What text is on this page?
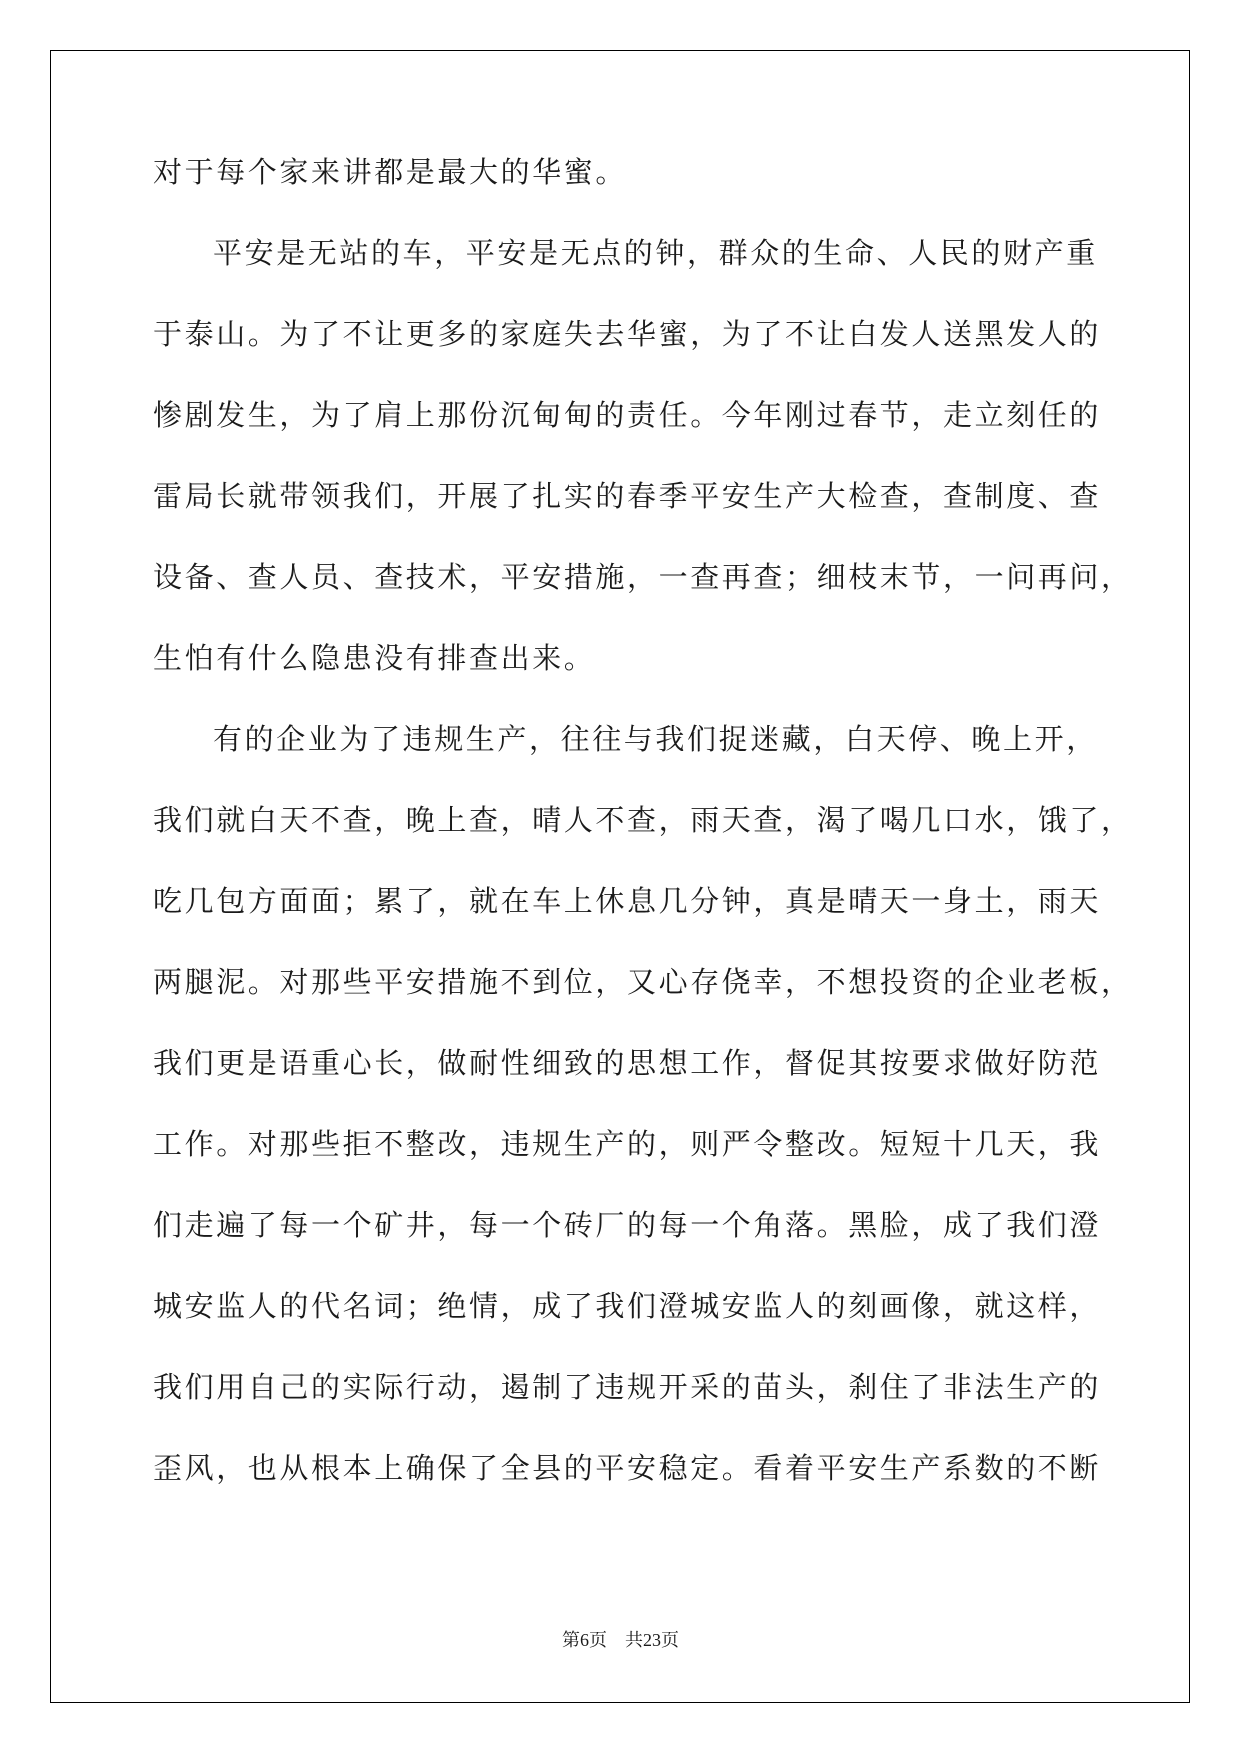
对于每个家来讲都是最大的华蜜。
平安是无站的车，平安是无点的钟，群众的生命、人民的财产重
于泰山。为了不让更多的家庭失去华蜜，为了不让白发人送黑发人的
惨剧发生，为了肩上那份沉甸甸的责任。今年刚过春节，走立刻任的
雷局长就带领我们，开展了扎实的春季平安生产大检查，查制度、查
设备、查人员、查技术，平安措施，一查再查；细枝末节，一问再问，
生怕有什么隐患没有排查出来。
有的企业为了违规生产，往往与我们捉迷藏，白天停、晚上开，
我们就白天不查，晚上查，晴人不查，雨天查，渴了喝几口水，饿了，
吃几包方面面；累了，就在车上休息几分钟，真是晴天一身土，雨天
两腿泥。对那些平安措施不到位，又心存侥幸，不想投资的企业老板，
我们更是语重心长，做耐性细致的思想工作，督促其按要求做好防范
工作。对那些拒不整改，违规生产的，则严令整改。短短十几天，我
们走遍了每一个矿井，每一个砖厂的每一个角落。黑脸，成了我们澄
城安监人的代名词；绝情，成了我们澄城安监人的刻画像，就这样，
我们用自己的实际行动，遏制了违规开采的苗头，刹住了非法生产的
歪风，也从根本上确保了全县的平安稳定。看着平安生产系数的不断
第6页 共23页
